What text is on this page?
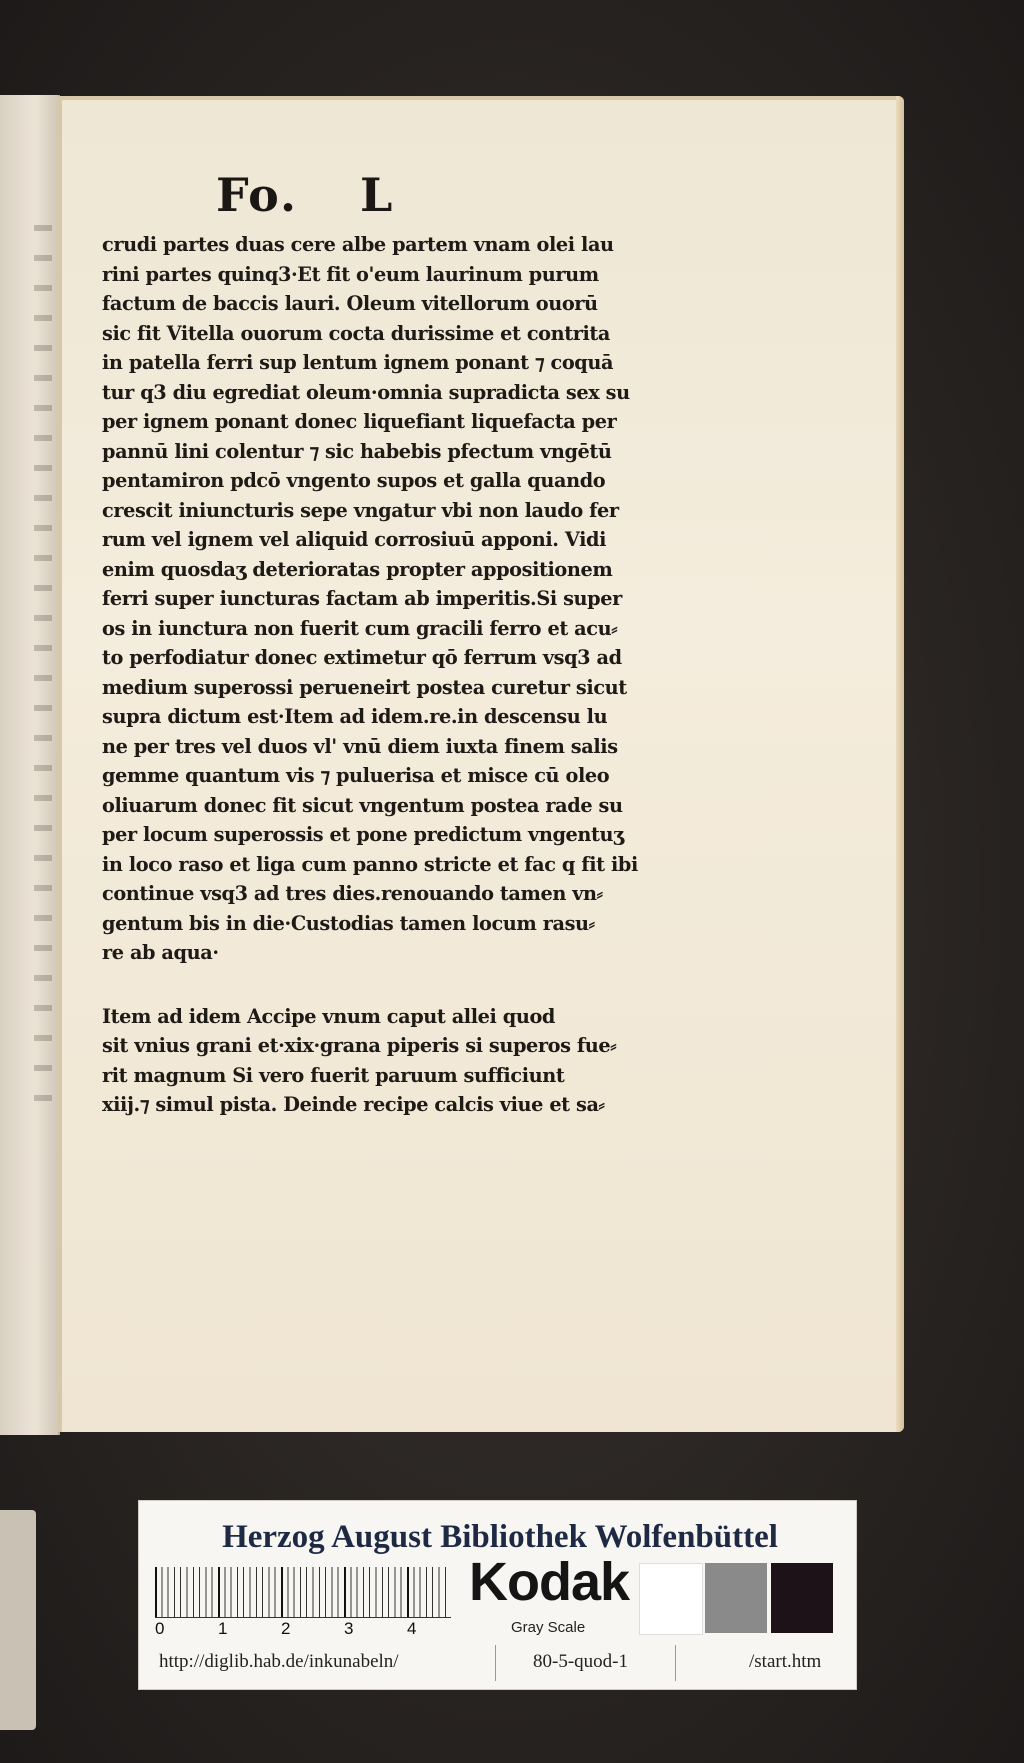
Fo. L
crudi partes duas cere albe partem vnam olei lau
rini partes quinq3·Et fit o'eum laurinum purum
factum de baccis lauri. Oleum vitellorum ouorū
sic fit Vitella ouorum cocta durissime et contrita
in patella ferri sup lentum ignem ponant ⁊ coquā
tur q3 diu egrediat oleum·omnia supradicta sex su
per ignem ponant donec liquefiant liquefacta per
pannū lini colentur ⁊ sic habebis pfectum vngētū
pentamiron pdcō vngento supos et galla quando
crescit iniuncturis sepe vngatur vbi non laudo fer
rum vel ignem vel aliquid corrosiuū apponi. Vidi
enim quosdaʒ deterioratas propter appositionem
ferri super iuncturas factam ab imperitis.Si super
os in iunctura non fuerit cum gracili ferro et acu⸗
to perfodiatur donec extimetur qō ferrum vsq3 ad
medium superossi perueneirt postea curetur sicut
supra dictum est·Item ad idem.re.in descensu lu
ne per tres vel duos vl' vnū diem iuxta finem salis
gemme quantum vis ⁊ puluerisa et misce cū oleo
oliuarum donec fit sicut vngentum postea rade su
per locum superossis et pone predictum vngentuʒ
in loco raso et liga cum panno stricte et fac q fit ibi
continue vsq3 ad tres dies.renouando tamen vn⸗
gentum bis in die·Custodias tamen locum rasu⸗
re ab aqua·
Item ad idem Accipe vnum caput allei quod
sit vnius grani et·xix·grana piperis si superos fue⸗
rit magnum Si vero fuerit paruum sufficiunt
xiij.⁊ simul pista. Deinde recipe calcis viue et sa⸗
Herzog August Bibliothek Wolfenbüttel
0	1	2	3	4
Kodak
Gray Scale
http://diglib.hab.de/inkunabeln/	80-5-quod-1	/start.htm
